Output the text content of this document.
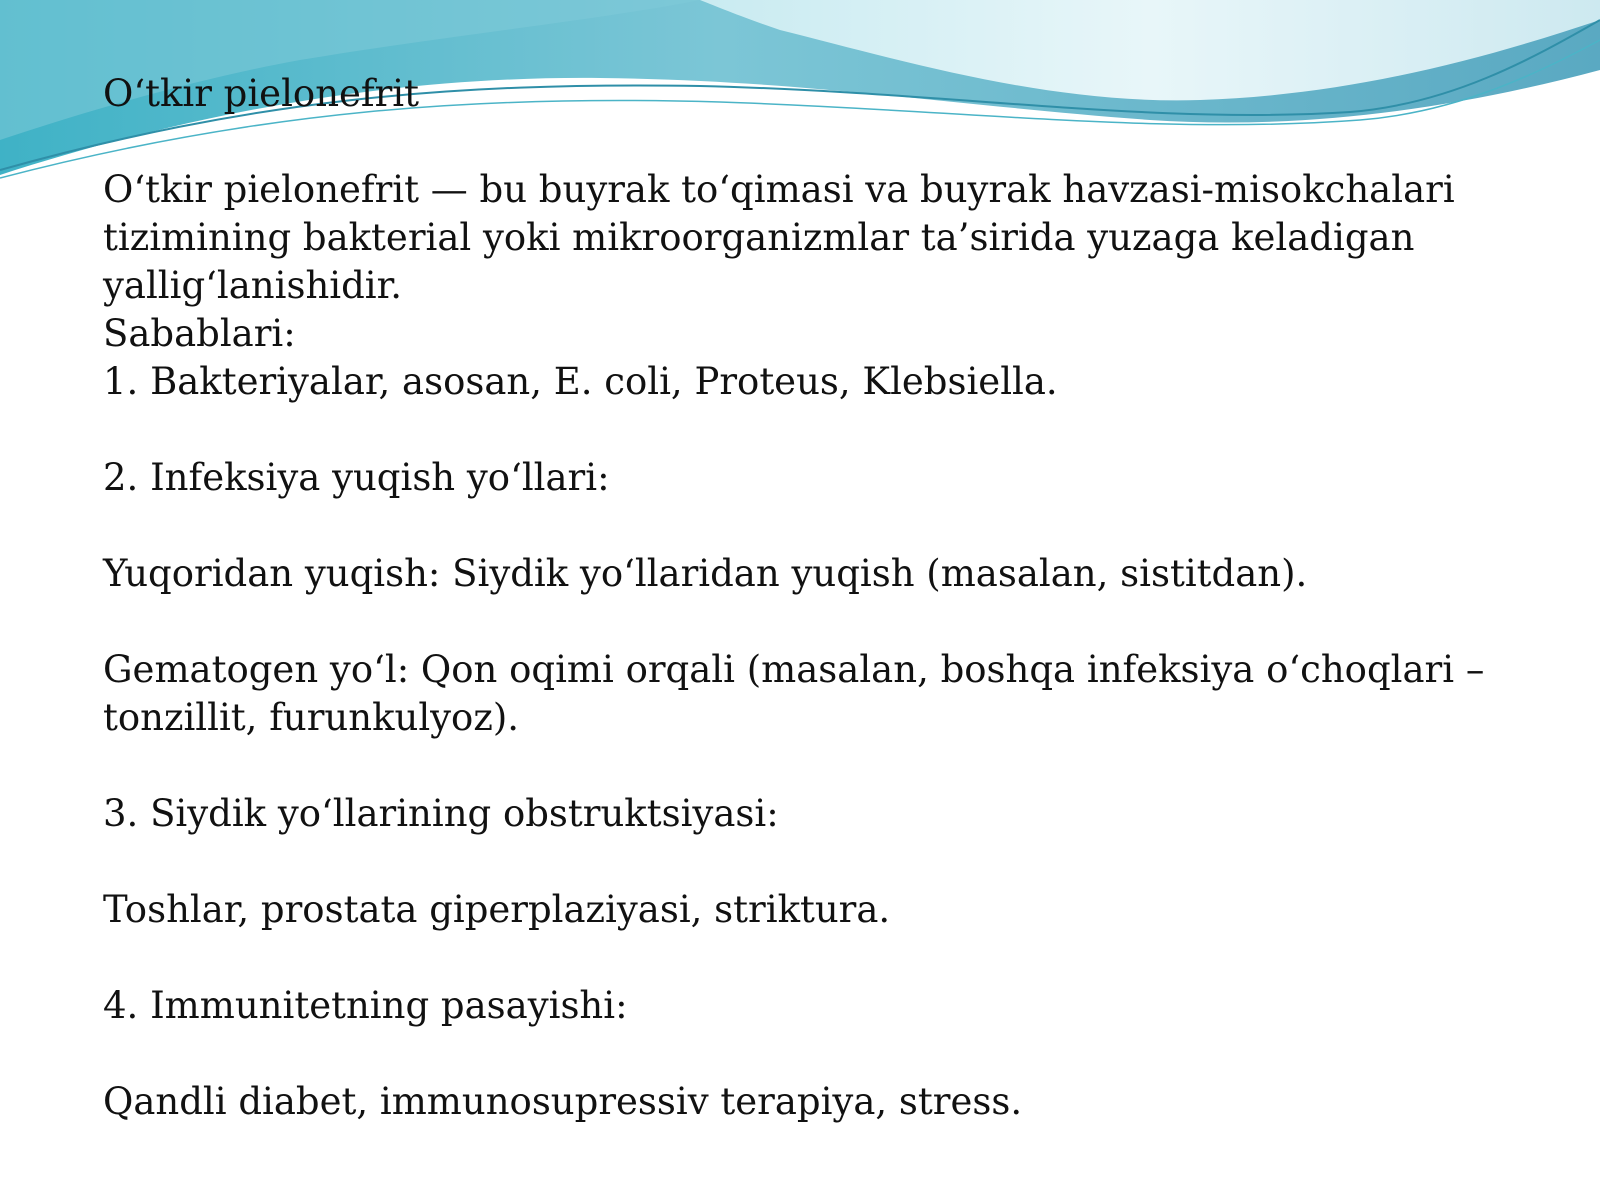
O‘tkir pielonefrit

O‘tkir pielonefrit — bu buyrak to‘qimasi va buyrak havzasi-misokchalari tizimining bakterial yoki mikroorganizmlar ta’sirida yuzaga keladigan yallig‘lanishidir.

Sabablari:

1. Bakteriyalar, asosan, E. coli, Proteus, Klebsiella.

2. Infeksiya yuqish yo‘llari:

Yuqoridan yuqish: Siydik yo‘llaridan yuqish (masalan, sistitdan).

Gematogen yo‘l: Qon oqimi orqali (masalan, boshqa infeksiya o‘choqlari – tonzillit, furunkulyoz).

3. Siydik yo‘llarining obstruktsiyasi:

Toshlar, prostata giperplaziyasi, striktura.

4. Immunitetning pasayishi:

Qandli diabet, immunosupressiv terapiya, stress.
